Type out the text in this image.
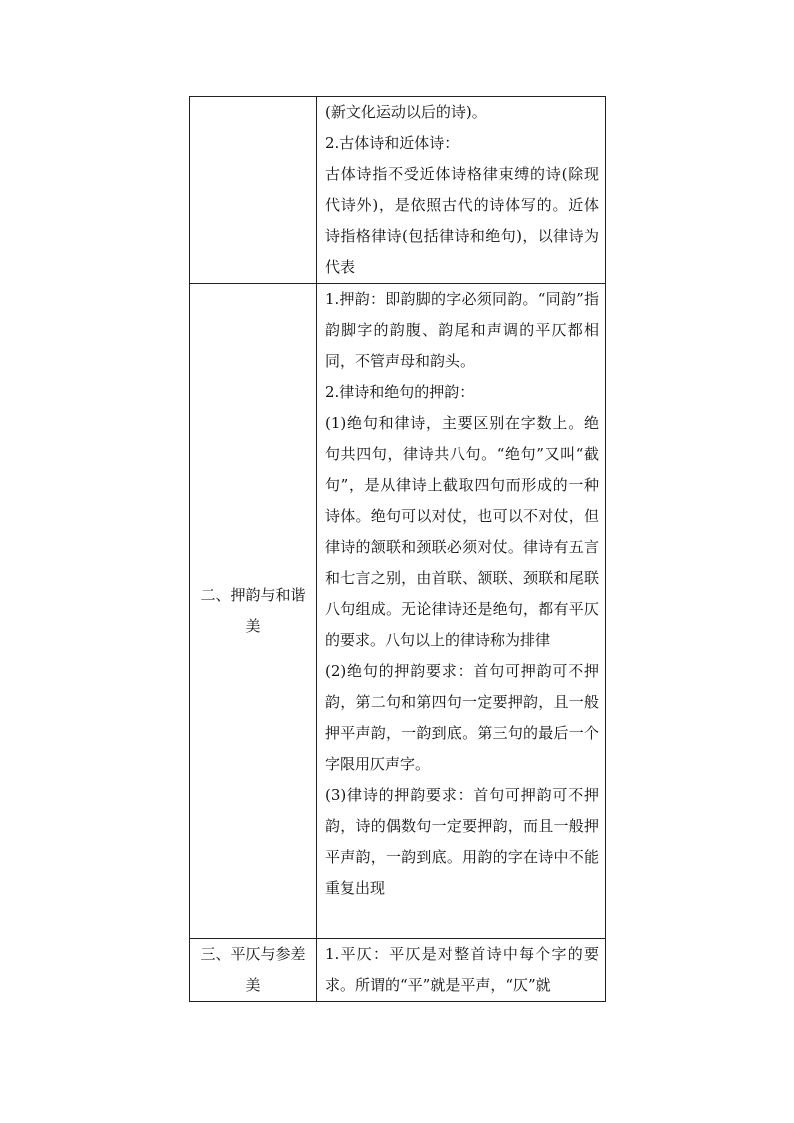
	(新文化运动以后的诗)。

2.古体诗和近体诗：

古体诗指不受近体诗格律束缚的诗(除现代诗外)，是依照古代的诗体写的。近体诗指格律诗(包括律诗和绝句)，以律诗为代表

二、押韵与和谐美	1.押韵：即韵脚的字必须同韵。“同韵”指韵脚字的韵腹、韵尾和声调的平仄都相同，不管声母和韵头。

2.律诗和绝句的押韵：

(1)绝句和律诗，主要区别在字数上。绝句共四句，律诗共八句。“绝句”又叫“截句”，是从律诗上截取四句而形成的一种诗体。绝句可以对仗，也可以不对仗，但律诗的颔联和颈联必须对仗。律诗有五言和七言之别，由首联、颔联、颈联和尾联八句组成。无论律诗还是绝句，都有平仄的要求。八句以上的律诗称为排律

(2)绝句的押韵要求：首句可押韵可不押韵，第二句和第四句一定要押韵，且一般押平声韵，一韵到底。第三句的最后一个字限用仄声字。

(3)律诗的押韵要求：首句可押韵可不押韵，诗的偶数句一定要押韵，而且一般押平声韵，一韵到底。用韵的字在诗中不能重复出现

三、平仄与参差美	1.平仄：平仄是对整首诗中每个字的要求。所谓的“平”就是平声，“仄”就
